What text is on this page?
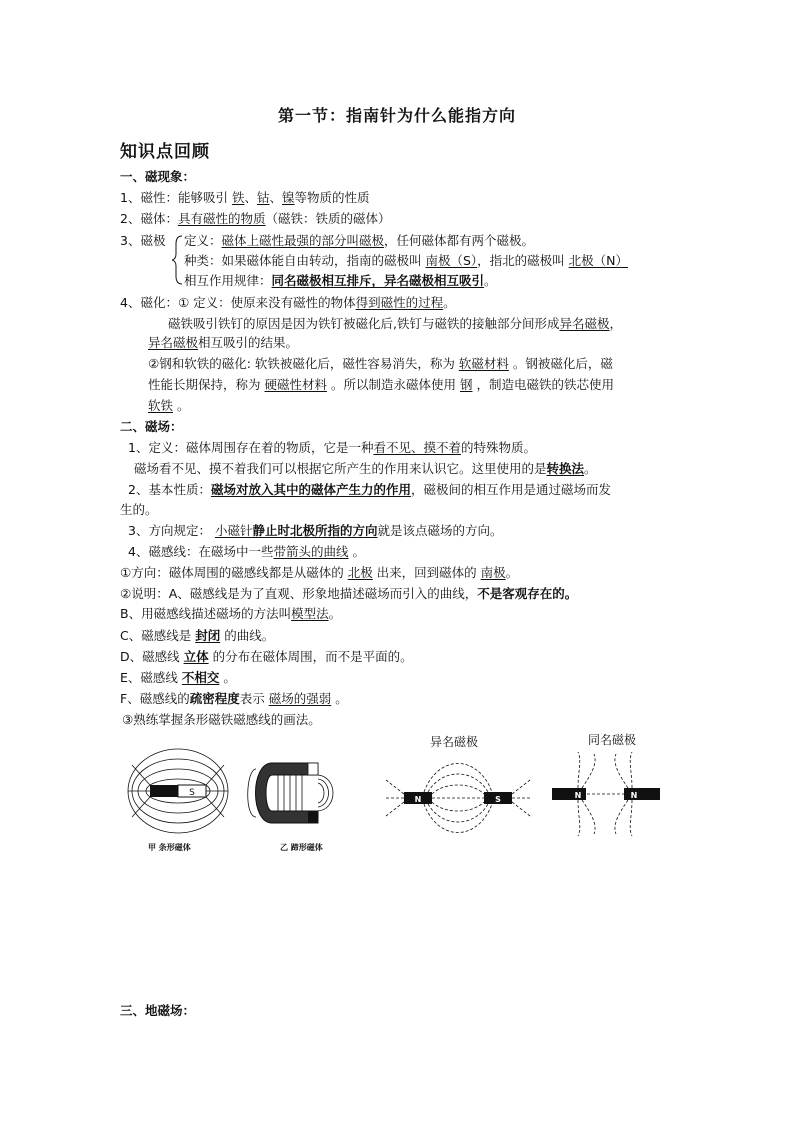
第一节：指南针为什么能指方向
知识点回顾
一、磁现象：
1、磁性：能够吸引 铁、钴、镍等物质的性质
2、磁体：具有磁性的物质（磁铁：铁质的磁体）
3、磁极 定义：磁体上磁性最强的部分叫磁极，任何磁体都有两个磁极。
种类：如果磁体能自由转动，指南的磁极叫 南极（S），指北的磁极叫 北极（N）
相互作用规律：同名磁极相互排斥，异名磁极相互吸引。
4、磁化：① 定义：使原来没有磁性的物体得到磁性的过程。
磁铁吸引铁钉的原因是因为铁钉被磁化后,铁钉与磁铁的接触部分间形成异名磁极，
异名磁极相互吸引的结果。
②钢和软铁的磁化: 软铁被磁化后，磁性容易消失，称为 软磁材料 。钢被磁化后，磁
性能长期保持，称为 硬磁性材料 。所以制造永磁体使用 钢 ，制造电磁铁的铁芯使用
软铁 。
二、磁场：
1、定义：磁体周围存在着的物质，它是一种看不见、摸不着的特殊物质。
磁场看不见、摸不着我们可以根据它所产生的作用来认识它。这里使用的是转换法。
2、基本性质：磁场对放入其中的磁体产生力的作用，磁极间的相互作用是通过磁场而发
生的。
3、方向规定： 小磁针静止时北极所指的方向就是该点磁场的方向。
4、磁感线：在磁场中一些带箭头的曲线 。
①方向：磁体周围的磁感线都是从磁体的 北极 出来，回到磁体的 南极。
②说明：A、磁感线是为了直观、形象地描述磁场而引入的曲线，不是客观存在的。
B、用磁感线描述磁场的方法叫模型法。
C、磁感线是 封闭 的曲线。
D、磁感线 立体 的分布在磁体周围，而不是平面的。
E、磁感线 不相交 。
F、磁感线的疏密程度表示 磁场的强弱 。
③熟练掌握条形磁铁磁感线的画法。
S
甲 条形磁体	乙 蹄形磁体
异名磁极
N	S
同名磁极
N	N
三、地磁场：
